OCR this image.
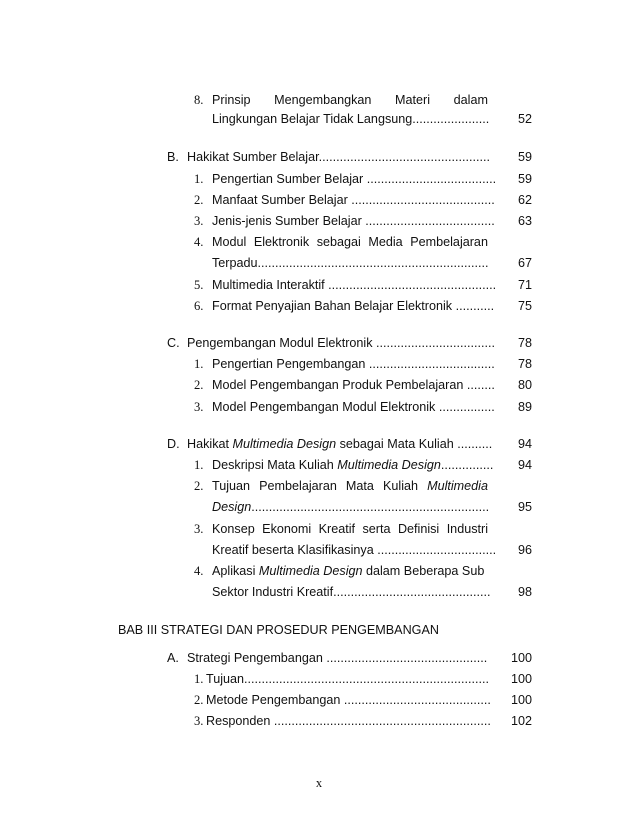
8. Prinsip Mengembangkan Materi dalam
Lingkungan Belajar Tidak Langsung...................... 52
B. Hakikat Sumber Belajar................................................. 59
1. Pengertian Sumber Belajar ..................................... 59
2. Manfaat Sumber Belajar ......................................... 62
3. Jenis-jenis Sumber Belajar ..................................... 63
4. Modul Elektronik sebagai Media Pembelajaran
Terpadu.................................................................. 67
5. Multimedia Interaktif ................................................ 71
6. Format Penyajian Bahan Belajar Elektronik ........... 75
C. Pengembangan Modul Elektronik .................................. 78
1. Pengertian Pengembangan .................................... 78
2. Model Pengembangan Produk Pembelajaran ........ 80
3. Model Pengembangan Modul Elektronik ................ 89
D. Hakikat Multimedia Design sebagai Mata Kuliah .......... 94
1. Deskripsi Mata Kuliah Multimedia Design............... 94
2. Tujuan Pembelajaran Mata Kuliah Multimedia
Design.................................................................... 95
3. Konsep Ekonomi Kreatif serta Definisi Industri
Kreatif beserta Klasifikasinya .................................. 96
4. Aplikasi Multimedia Design dalam Beberapa Sub
Sektor Industri Kreatif............................................. 98
BAB III STRATEGI DAN PROSEDUR PENGEMBANGAN
A. Strategi Pengembangan .............................................. 100
1. Tujuan...................................................................... 100
2. Metode Pengembangan .......................................... 100
3. Responden .............................................................. 102
x
